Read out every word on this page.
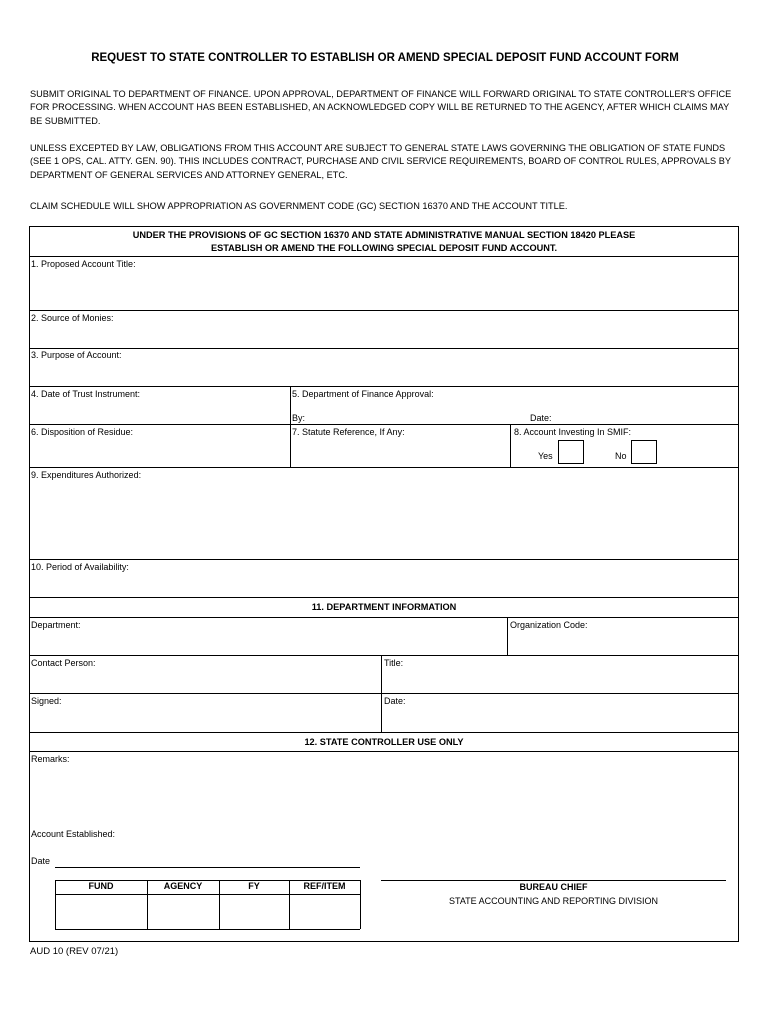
REQUEST TO STATE CONTROLLER TO ESTABLISH OR AMEND SPECIAL DEPOSIT FUND ACCOUNT FORM
SUBMIT ORIGINAL TO DEPARTMENT OF FINANCE. UPON APPROVAL, DEPARTMENT OF FINANCE WILL FORWARD ORIGINAL TO STATE CONTROLLER'S OFFICE FOR PROCESSING. WHEN ACCOUNT HAS BEEN ESTABLISHED, AN ACKNOWLEDGED COPY WILL BE RETURNED TO THE AGENCY, AFTER WHICH CLAIMS MAY BE SUBMITTED.
UNLESS EXCEPTED BY LAW, OBLIGATIONS FROM THIS ACCOUNT ARE SUBJECT TO GENERAL STATE LAWS GOVERNING THE OBLIGATION OF STATE FUNDS (SEE 1 OPS, CAL. ATTY. GEN. 90). THIS INCLUDES CONTRACT, PURCHASE AND CIVIL SERVICE REQUIREMENTS, BOARD OF CONTROL RULES, APPROVALS BY DEPARTMENT OF GENERAL SERVICES AND ATTORNEY GENERAL, ETC.
CLAIM SCHEDULE WILL SHOW APPROPRIATION AS GOVERNMENT CODE (GC) SECTION 16370 AND THE ACCOUNT TITLE.
UNDER THE PROVISIONS OF GC SECTION 16370 AND STATE ADMINISTRATIVE MANUAL SECTION 18420 PLEASE
ESTABLISH OR AMEND THE FOLLOWING SPECIAL DEPOSIT FUND ACCOUNT.
1. Proposed Account Title:
2. Source of Monies:
3. Purpose of Account:
4. Date of Trust Instrument:	5. Department of Finance Approval:
By:	Date:
6. Disposition of Residue:	7. Statute Reference, If Any:	8. Account Investing In SMIF:
Yes	No
9. Expenditures Authorized:
10. Period of Availability:
11. DEPARTMENT INFORMATION
Department:	Organization Code:
Contact Person:	Title:
Signed:	Date:
12. STATE CONTROLLER USE ONLY
Remarks:
Account Established:
Date
FUND	AGENCY	FY	REF/ITEM	BUREAU CHIEF
STATE ACCOUNTING AND REPORTING DIVISION
AUD 10 (REV 07/21)
